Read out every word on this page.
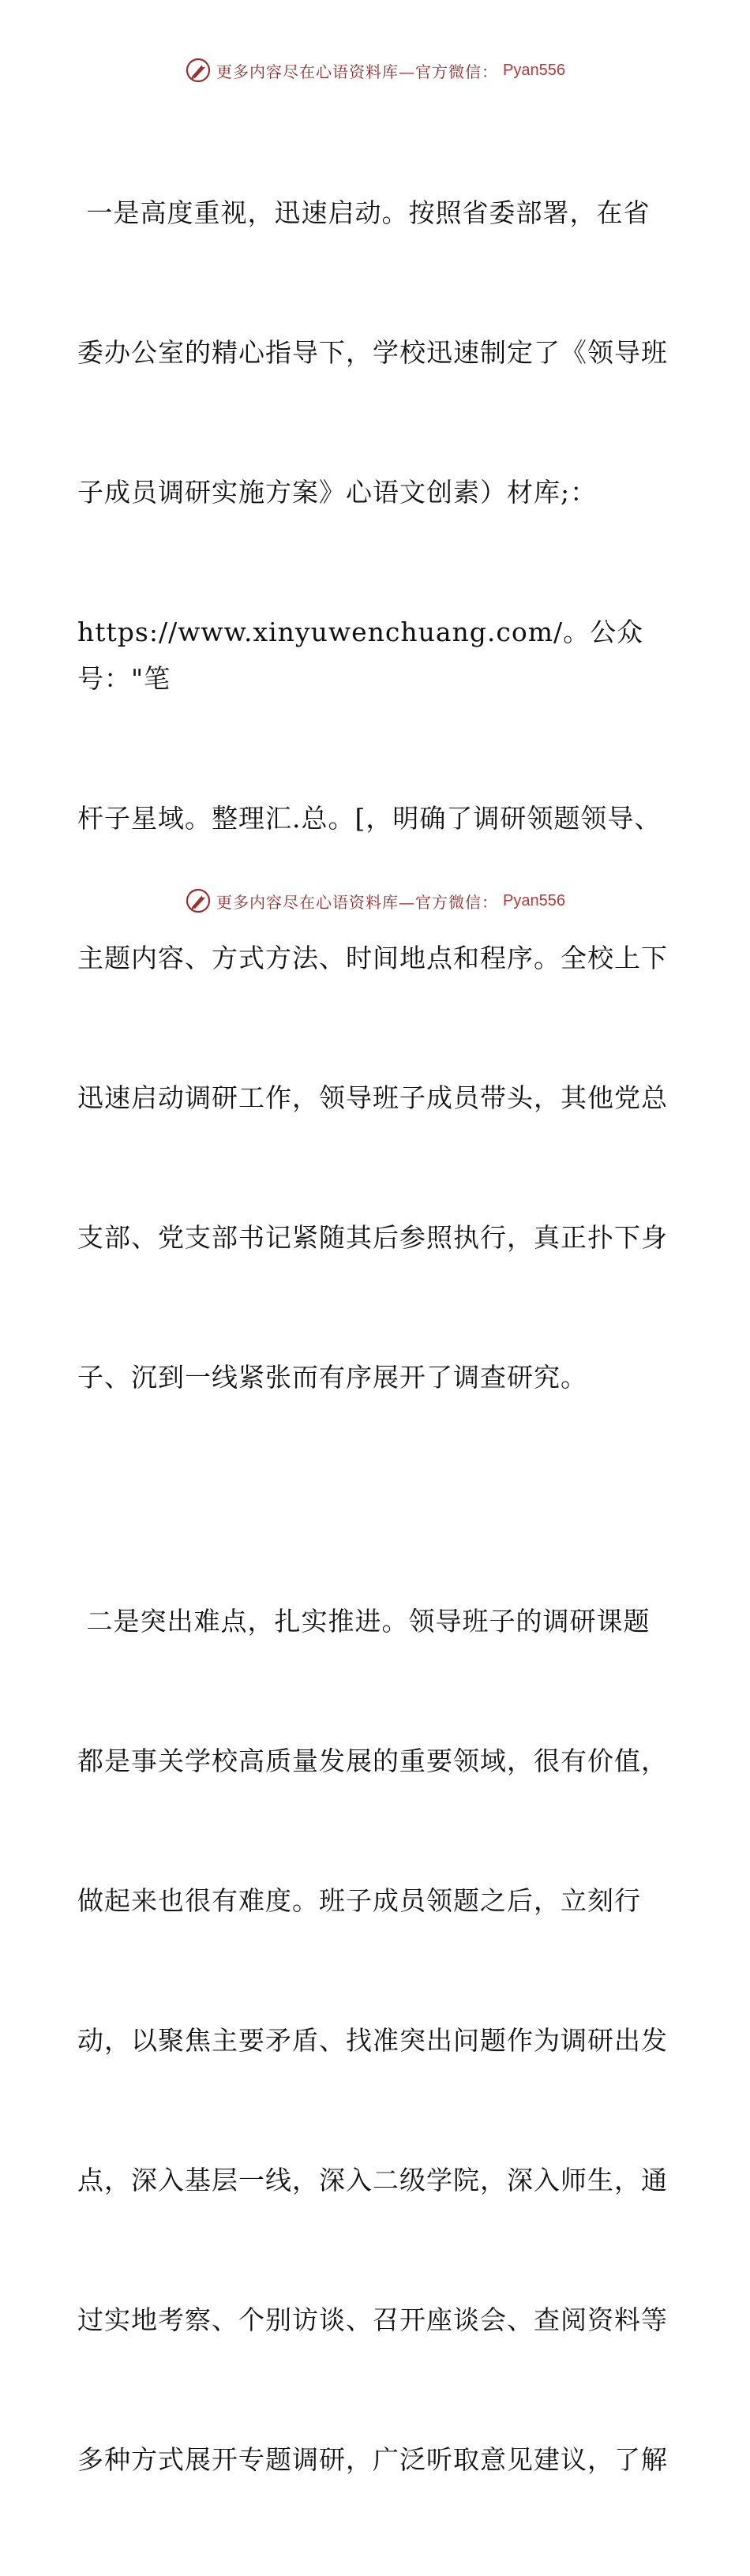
更多内容尽在心语资料库—官方微信： Pyan556

一是高度重视，迅速启动。按照省委部署，在省

委办公室的精心指导下，学校迅速制定了《领导班

子成员调研实施方案》心语文创素）材库;：

https://www.xinyuwenchuang.com/。公众号："笔

杆子星域。整理汇.总。[，明确了调研领题领导、

主题内容、方式方法、时间地点和程序。全校上下

迅速启动调研工作，领导班子成员带头，其他党总

支部、党支部书记紧随其后参照执行，真正扑下身

子、沉到一线紧张而有序展开了调查研究。

二是突出难点，扎实推进。领导班子的调研课题

都是事关学校高质量发展的重要领域，很有价值，

做起来也很有难度。班子成员领题之后，立刻行

动，以聚焦主要矛盾、找准突出问题作为调研出发

点，深入基层一线，深入二级学院，深入师生，通

过实地考察、个别访谈、召开座谈会、查阅资料等

多种方式展开专题调研，广泛听取意见建议，了解

更多内容尽在心语资料库—官方微信： Pyan556
